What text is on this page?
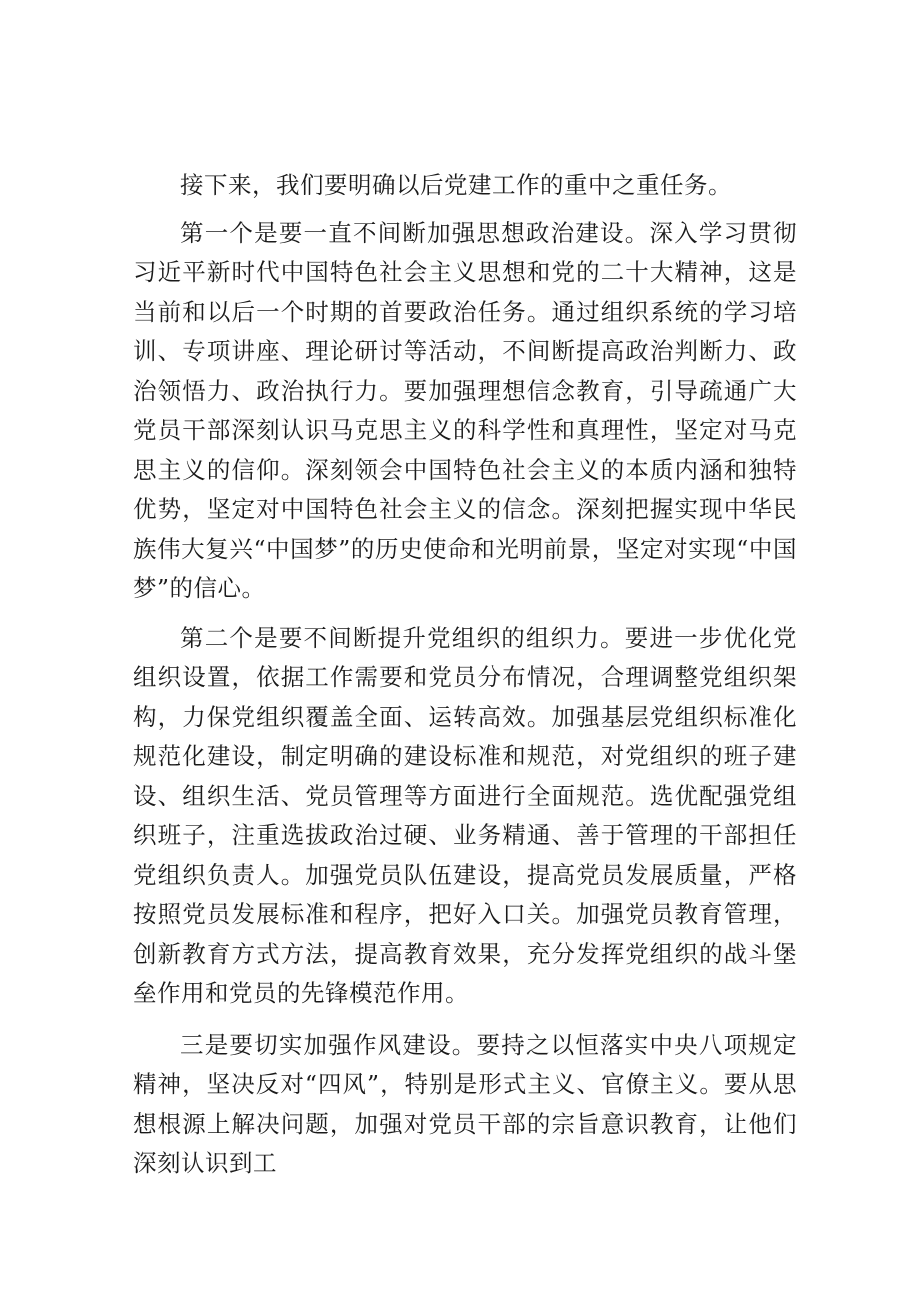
接下来，我们要明确以后党建工作的重中之重任务。

第一个是要一直不间断加强思想政治建设。深入学习贯彻习近平新时代中国特色社会主义思想和党的二十大精神，这是当前和以后一个时期的首要政治任务。通过组织系统的学习培训、专项讲座、理论研讨等活动，不间断提高政治判断力、政治领悟力、政治执行力。要加强理想信念教育，引导疏通广大党员干部深刻认识马克思主义的科学性和真理性，坚定对马克思主义的信仰。深刻领会中国特色社会主义的本质内涵和独特优势，坚定对中国特色社会主义的信念。深刻把握实现中华民族伟大复兴“中国梦”的历史使命和光明前景，坚定对实现“中国梦”的信心。

第二个是要不间断提升党组织的组织力。要进一步优化党组织设置，依据工作需要和党员分布情况，合理调整党组织架构，力保党组织覆盖全面、运转高效。加强基层党组织标准化规范化建设，制定明确的建设标准和规范，对党组织的班子建设、组织生活、党员管理等方面进行全面规范。选优配强党组织班子，注重选拔政治过硬、业务精通、善于管理的干部担任党组织负责人。加强党员队伍建设，提高党员发展质量，严格按照党员发展标准和程序，把好入口关。加强党员教育管理，创新教育方式方法，提高教育效果，充分发挥党组织的战斗堡垒作用和党员的先锋模范作用。

三是要切实加强作风建设。要持之以恒落实中央八项规定精神，坚决反对“四风”，特别是形式主义、官僚主义。要从思想根源上解决问题，加强对党员干部的宗旨意识教育，让他们深刻认识到工
